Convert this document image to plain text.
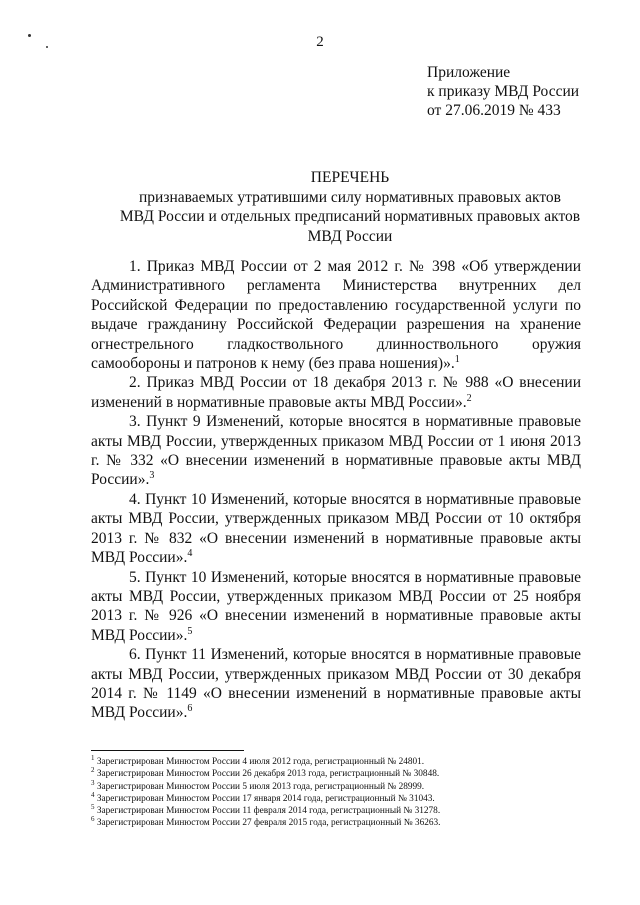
2
Приложение
к приказу МВД России
от 27.06.2019 № 433
ПЕРЕЧЕНЬ
признаваемых утратившими силу нормативных правовых актов
МВД России и отдельных предписаний нормативных правовых актов
МВД России

1. Приказ МВД России от 2 мая 2012 г. № 398 «Об утверждении Административного регламента Министерства внутренних дел Российской Федерации по предоставлению государственной услуги по выдаче гражданину Российской Федерации разрешения на хранение огнестрельного гладкоствольного длинноствольного оружия самообороны и патронов к нему (без права ношения)».$^1$

2. Приказ МВД России от 18 декабря 2013 г. № 988 «О внесении изменений в нормативные правовые акты МВД России».$^2$

3. Пункт 9 Изменений, которые вносятся в нормативные правовые акты МВД России, утвержденных приказом МВД России от 1 июня 2013 г. № 332 «О внесении изменений в нормативные правовые акты МВД России».$^3$

4. Пункт 10 Изменений, которые вносятся в нормативные правовые акты МВД России, утвержденных приказом МВД России от 10 октября 2013 г. № 832 «О внесении изменений в нормативные правовые акты МВД России».$^4$

5. Пункт 10 Изменений, которые вносятся в нормативные правовые акты МВД России, утвержденных приказом МВД России от 25 ноября 2013 г. № 926 «О внесении изменений в нормативные правовые акты МВД России».$^5$

6. Пункт 11 Изменений, которые вносятся в нормативные правовые акты МВД России, утвержденных приказом МВД России от 30 декабря 2014 г. № 1149 «О внесении изменений в нормативные правовые акты МВД России».$^6$

$^1$ Зарегистрирован Минюстом России 4 июля 2012 года, регистрационный № 24801.
$^2$ Зарегистрирован Минюстом России 26 декабря 2013 года, регистрационный № 30848.
$^3$ Зарегистрирован Минюстом России 5 июля 2013 года, регистрационный № 28999.
$^4$ Зарегистрирован Минюстом России 17 января 2014 года, регистрационный № 31043.
$^5$ Зарегистрирован Минюстом России 11 февраля 2014 года, регистрационный № 31278.
$^6$ Зарегистрирован Минюстом России 27 февраля 2015 года, регистрационный № 36263.
